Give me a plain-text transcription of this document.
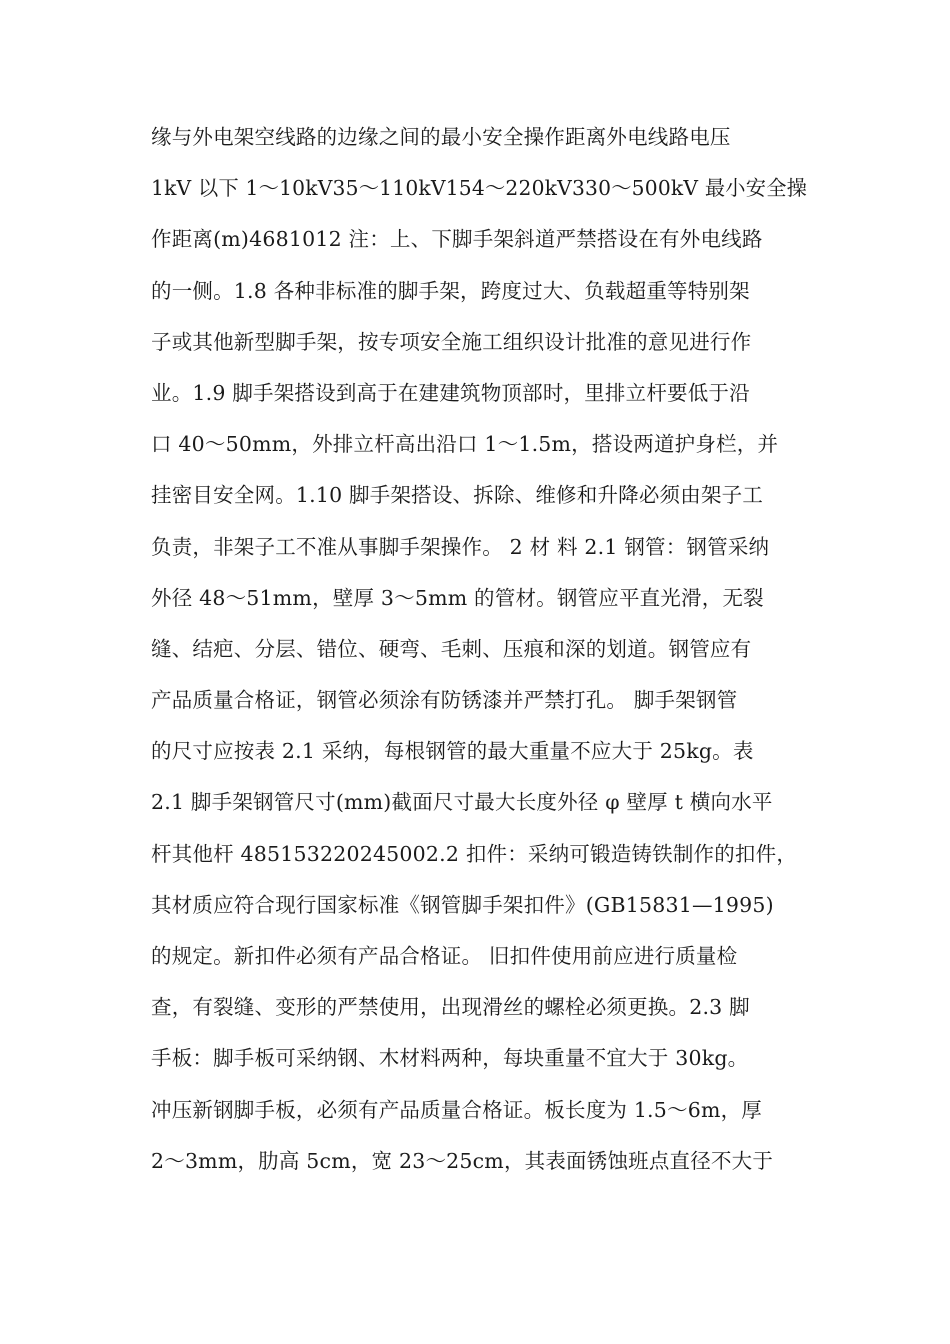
缘与外电架空线路的边缘之间的最小安全操作距离外电线路电压
1kV 以下 1～10kV35～110kV154～220kV330～500kV 最小安全操
作距离(m)4681012 注：上、下脚手架斜道严禁搭设在有外电线路
的一侧。1.8 各种非标准的脚手架，跨度过大、负载超重等特别架
子或其他新型脚手架，按专项安全施工组织设计批准的意见进行作
业。1.9 脚手架搭设到高于在建建筑物顶部时，里排立杆要低于沿
口 40～50mm，外排立杆高出沿口 1～1.5m，搭设两道护身栏，并
挂密目安全网。1.10 脚手架搭设、拆除、维修和升降必须由架子工
负责，非架子工不准从事脚手架操作。 2 材 料 2.1 钢管：钢管采纳
外径 48～51mm，壁厚 3～5mm 的管材。钢管应平直光滑，无裂
缝、结疤、分层、错位、硬弯、毛刺、压痕和深的划道。钢管应有
产品质量合格证，钢管必须涂有防锈漆并严禁打孔。 脚手架钢管
的尺寸应按表 2.1 采纳，每根钢管的最大重量不应大于 25kg。表
2.1 脚手架钢管尺寸(mm)截面尺寸最大长度外径 φ 壁厚 t 横向水平
杆其他杆 485153220245002.2 扣件：采纳可锻造铸铁制作的扣件，
其材质应符合现行国家标准《钢管脚手架扣件》(GB15831—1995)
的规定。新扣件必须有产品合格证。 旧扣件使用前应进行质量检
查，有裂缝、变形的严禁使用，出现滑丝的螺栓必须更换。2.3 脚
手板：脚手板可采纳钢、木材料两种，每块重量不宜大于 30kg。
冲压新钢脚手板，必须有产品质量合格证。板长度为 1.5～6m，厚
2～3mm，肋高 5cm，宽 23～25cm，其表面锈蚀班点直径不大于
